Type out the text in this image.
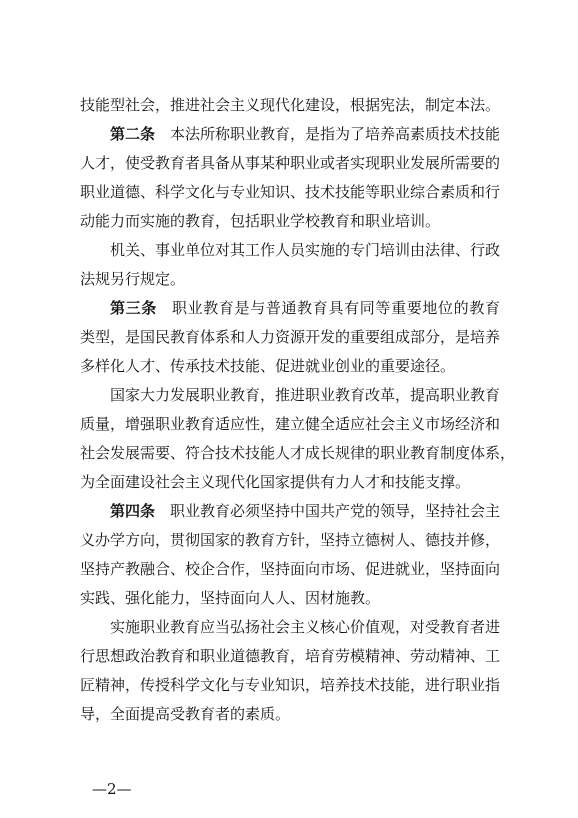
技能型社会，推进社会主义现代化建设，根据宪法，制定本法。
第二条 本法所称职业教育，是指为了培养高素质技术技能
人才，使受教育者具备从事某种职业或者实现职业发展所需要的
职业道德、科学文化与专业知识、技术技能等职业综合素质和行
动能力而实施的教育，包括职业学校教育和职业培训。
机关、事业单位对其工作人员实施的专门培训由法律、行政
法规另行规定。
第三条 职业教育是与普通教育具有同等重要地位的教育
类型，是国民教育体系和人力资源开发的重要组成部分，是培养
多样化人才、传承技术技能、促进就业创业的重要途径。
国家大力发展职业教育，推进职业教育改革，提高职业教育
质量，增强职业教育适应性，建立健全适应社会主义市场经济和
社会发展需要、符合技术技能人才成长规律的职业教育制度体系，
为全面建设社会主义现代化国家提供有力人才和技能支撑。
第四条 职业教育必须坚持中国共产党的领导，坚持社会主
义办学方向，贯彻国家的教育方针，坚持立德树人、德技并修，
坚持产教融合、校企合作，坚持面向市场、促进就业，坚持面向
实践、强化能力，坚持面向人人、因材施教。
实施职业教育应当弘扬社会主义核心价值观，对受教育者进
行思想政治教育和职业道德教育，培育劳模精神、劳动精神、工
匠精神，传授科学文化与专业知识，培养技术技能，进行职业指
导，全面提高受教育者的素质。
—2—
